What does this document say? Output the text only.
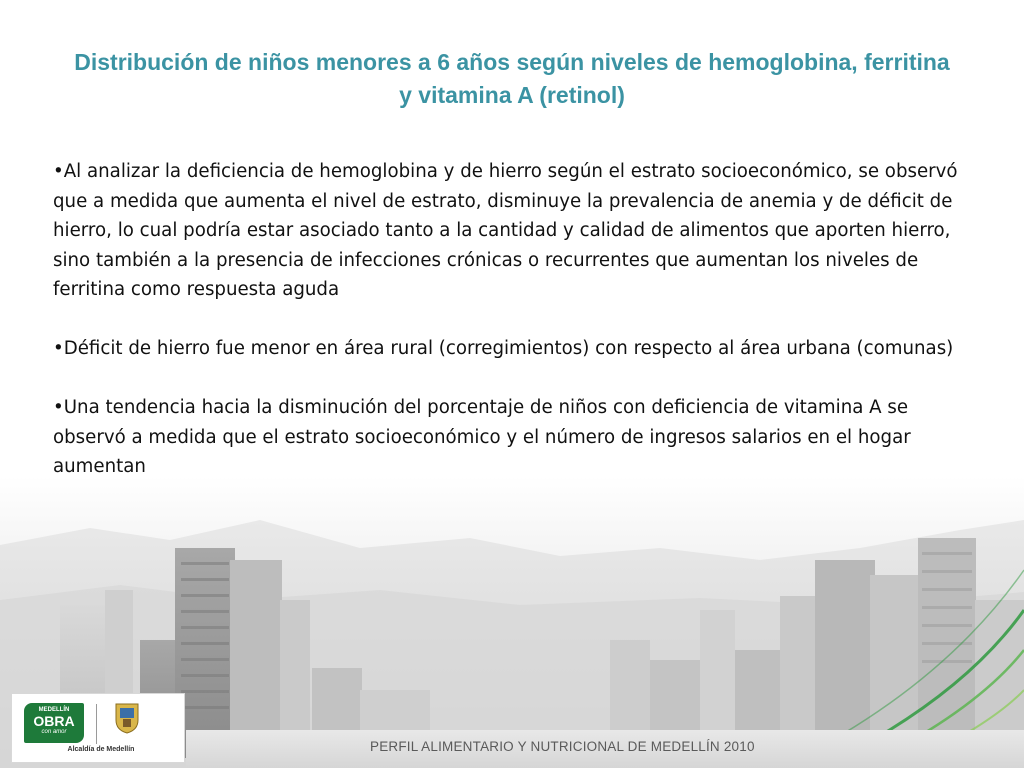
Distribución de niños menores a 6 años según niveles de hemoglobina, ferritina y vitamina A (retinol)

•Al analizar la deficiencia de hemoglobina y de hierro según el estrato socioeconómico, se observó que a medida que aumenta el nivel de estrato, disminuye la prevalencia de anemia y de déficit de hierro, lo cual podría estar asociado tanto a la cantidad y calidad de alimentos que aporten hierro, sino también a la presencia de infecciones crónicas o recurrentes que aumentan los niveles de ferritina como respuesta aguda

•Déficit de hierro fue menor en área rural (corregimientos) con respecto al área urbana (comunas)

•Una tendencia hacia la disminución del porcentaje de niños con deficiencia de vitamina A se observó a medida que el estrato socioeconómico y el número de ingresos salarios en el hogar aumentan

PERFIL ALIMENTARIO Y NUTRICIONAL DE MEDELLÍN 2010
MEDELLÍN
OBRA
con amor
Alcaldía de Medellín
